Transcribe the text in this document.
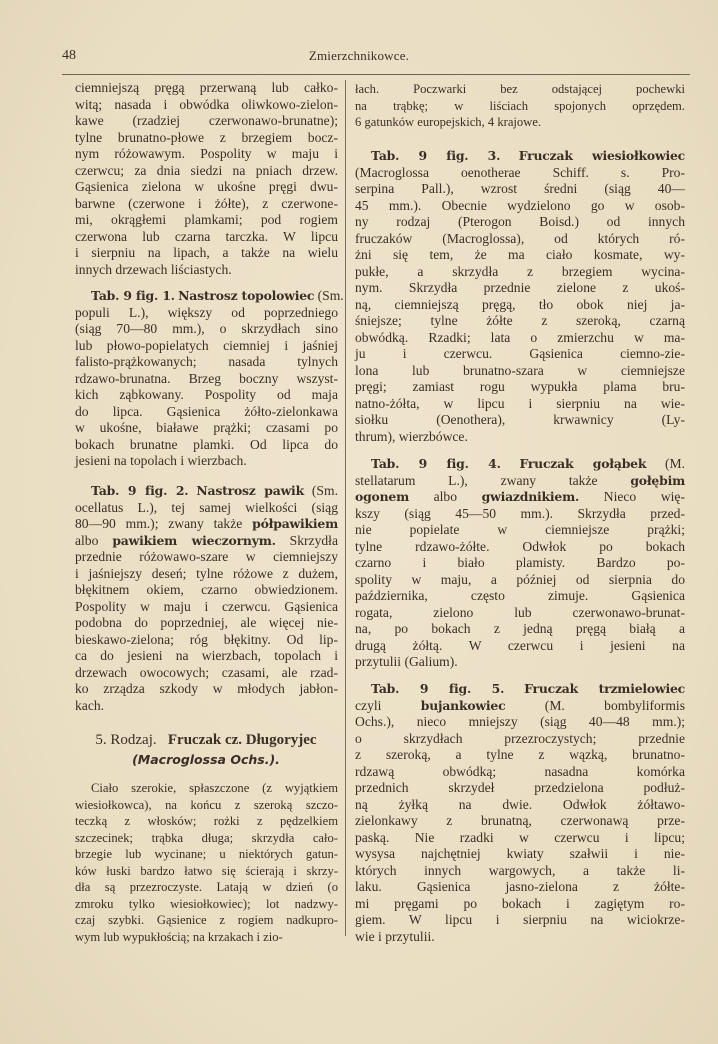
48	Zmierzchnikowce.
ciemniejszą pręgą przerwaną lub całko-
witą; nasada i obwódka oliwkowo-zielon-
kawe (rzadziej czerwonawo-brunatne);
tylne brunatno-płowe z brzegiem bocz-
nym różowawym. Pospolity w maju i
czerwcu; za dnia siedzi na pniach drzew.
Gąsienica zielona w ukośne pręgi dwu-
barwne (czerwone i żółte), z czerwone-
mi, okrągłemi plamkami; pod rogiem
czerwona lub czarna tarczka. W lipcu
i sierpniu na lipach, a także na wielu
innych drzewach liściastych.
Tab. 9 fig. 1. Nastrosz topolowiec (Sm.
populi L.), większy od poprzedniego
(siąg 70—80 mm.), o skrzydłach sino
lub płowo-popielatych ciemniej i jaśniej
falisto-prążkowanych; nasada tylnych
rdzawo-brunatna. Brzeg boczny wszyst-
kich ząbkowany. Pospolity od maja
do lipca. Gąsienica żółto-zielonkawa
w ukośne, białawe prążki; czasami po
bokach brunatne plamki. Od lipca do
jesieni na topolach i wierzbach.
Tab. 9 fig. 2. Nastrosz pawik (Sm.
ocellatus L.), tej samej wielkości (siąg
80—90 mm.); zwany także półpawikiem
albo pawikiem wieczornym. Skrzydła
przednie różowawo-szare w ciemniejszy
i jaśniejszy deseń; tylne różowe z dużem,
błękitnem okiem, czarno obwiedzionem.
Pospolity w maju i czerwcu. Gąsienica
podobna do poprzedniej, ale więcej nie-
bieskawo-zielona; róg błękitny. Od lip-
ca do jesieni na wierzbach, topolach i
drzewach owocowych; czasami, ale rzad-
ko zrządza szkody w młodych jabłon-
kach.
5. Rodzaj. Fruczak cz. Długoryjec
(Macroglossa Ochs.).
Ciało szerokie, spłaszczone (z wyjątkiem
wiesiołkowca), na końcu z szeroką szczo-
teczką z włosków; rożki z pędzelkiem
szczecinek; trąbka długa; skrzydła cało-
brzegie lub wycinane; u niektórych gatun-
ków łuski bardzo łatwo się ścierają i skrzy-
dła są przezroczyste. Latają w dzień (o
zmroku tylko wiesiołkowiec); lot nadzwy-
czaj szybki. Gąsienice z rogiem nadkupro-
wym lub wypukłością; na krzakach i zio-
łach. Poczwarki bez odstającej pochewki
na trąbkę; w liściach spojonych oprzędem.
6 gatunków europejskich, 4 krajowe.
Tab. 9 fig. 3. Fruczak wiesiołkowiec
(Macroglossa oenotherae Schiff. s. Pro-
serpina Pall.), wzrost średni (siąg 40—
45 mm.). Obecnie wydzielono go w osob-
ny rodzaj (Pterogon Boisd.) od innych
fruczaków (Macroglossa), od których ró-
żni się tem, że ma ciało kosmate, wy-
pukłe, a skrzydła z brzegiem wycina-
nym. Skrzydła przednie zielone z ukoś-
ną, ciemniejszą pręgą, tło obok niej ja-
śniejsze; tylne żółte z szeroką, czarną
obwódką. Rzadki; lata o zmierzchu w ma-
ju i czerwcu. Gąsienica ciemno-zie-
lona lub brunatno-szara w ciemniejsze
pręgi; zamiast rogu wypukła plama bru-
natno-żółta, w lipcu i sierpniu na wie-
siołku (Oenothera), krwawnicy (Ly-
thrum), wierzbówce.
Tab. 9 fig. 4. Fruczak gołąbek (M.
stellatarum L.), zwany także gołębim
ogonem albo gwiazdnikiem. Nieco wię-
kszy (siąg 45—50 mm.). Skrzydła przed-
nie popielate w ciemniejsze prążki;
tylne rdzawo-żółte. Odwłok po bokach
czarno i biało plamisty. Bardzo po-
spolity w maju, a później od sierpnia do
października, często zimuje. Gąsienica
rogata, zielono lub czerwonawo-brunat-
na, po bokach z jedną pręgą białą a
drugą żółtą. W czerwcu i jesieni na
przytulii (Galium).
Tab. 9 fig. 5. Fruczak trzmielowiec
czyli bujankowiec (M. bombyliformis
Ochs.), nieco mniejszy (siąg 40—48 mm.);
o skrzydłach przezroczystych; przednie
z szeroką, a tylne z wązką, brunatno-
rdzawą obwódką; nasadna komórka
przednich skrzydeł przedzielona podłuż-
ną żyłką na dwie. Odwłok żółtawo-
zielonkawy z brunatną, czerwonawą prze-
paską. Nie rzadki w czerwcu i lipcu;
wysysa najchętniej kwiaty szałwii i nie-
których innych wargowych, a także li-
laku. Gąsienica jasno-zielona z żółte-
mi pręgami po bokach i zagiętym ro-
giem. W lipcu i sierpniu na wiciokrze-
wie i przytulii.
